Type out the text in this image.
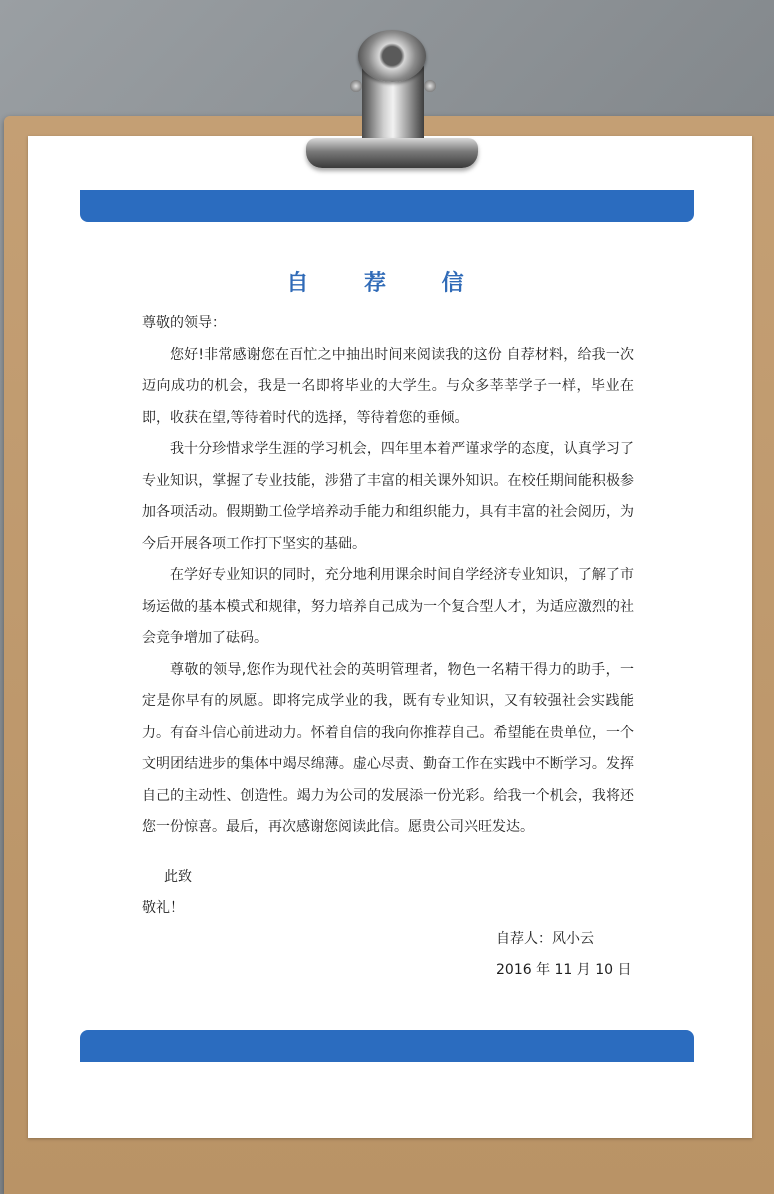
自 荐 信

尊敬的领导：

您好!非常感谢您在百忙之中抽出时间来阅读我的这份 自荐材料，给我一次迈向成功的机会，我是一名即将毕业的大学生。与众多莘莘学子一样，毕业在即，收获在望,等待着时代的选择，等待着您的垂倾。

我十分珍惜求学生涯的学习机会，四年里本着严谨求学的态度，认真学习了专业知识，掌握了专业技能，涉猎了丰富的相关课外知识。在校任期间能积极参加各项活动。假期勤工俭学培养动手能力和组织能力，具有丰富的社会阅历，为今后开展各项工作打下坚实的基础。

在学好专业知识的同时，充分地利用课余时间自学经济专业知识，了解了市场运做的基本模式和规律，努力培养自己成为一个复合型人才，为适应激烈的社会竞争增加了砝码。

尊敬的领导,您作为现代社会的英明管理者，物色一名精干得力的助手，一定是你早有的夙愿。即将完成学业的我，既有专业知识，又有较强社会实践能力。有奋斗信心前进动力。怀着自信的我向你推荐自己。希望能在贵单位，一个文明团结进步的集体中竭尽绵薄。虚心尽责、勤奋工作在实践中不断学习。发挥自己的主动性、创造性。竭力为公司的发展添一份光彩。给我一个机会，我将还您一份惊喜。最后，再次感谢您阅读此信。愿贵公司兴旺发达。

此致
敬礼！
自荐人：风小云
2016 年 11 月 10 日
